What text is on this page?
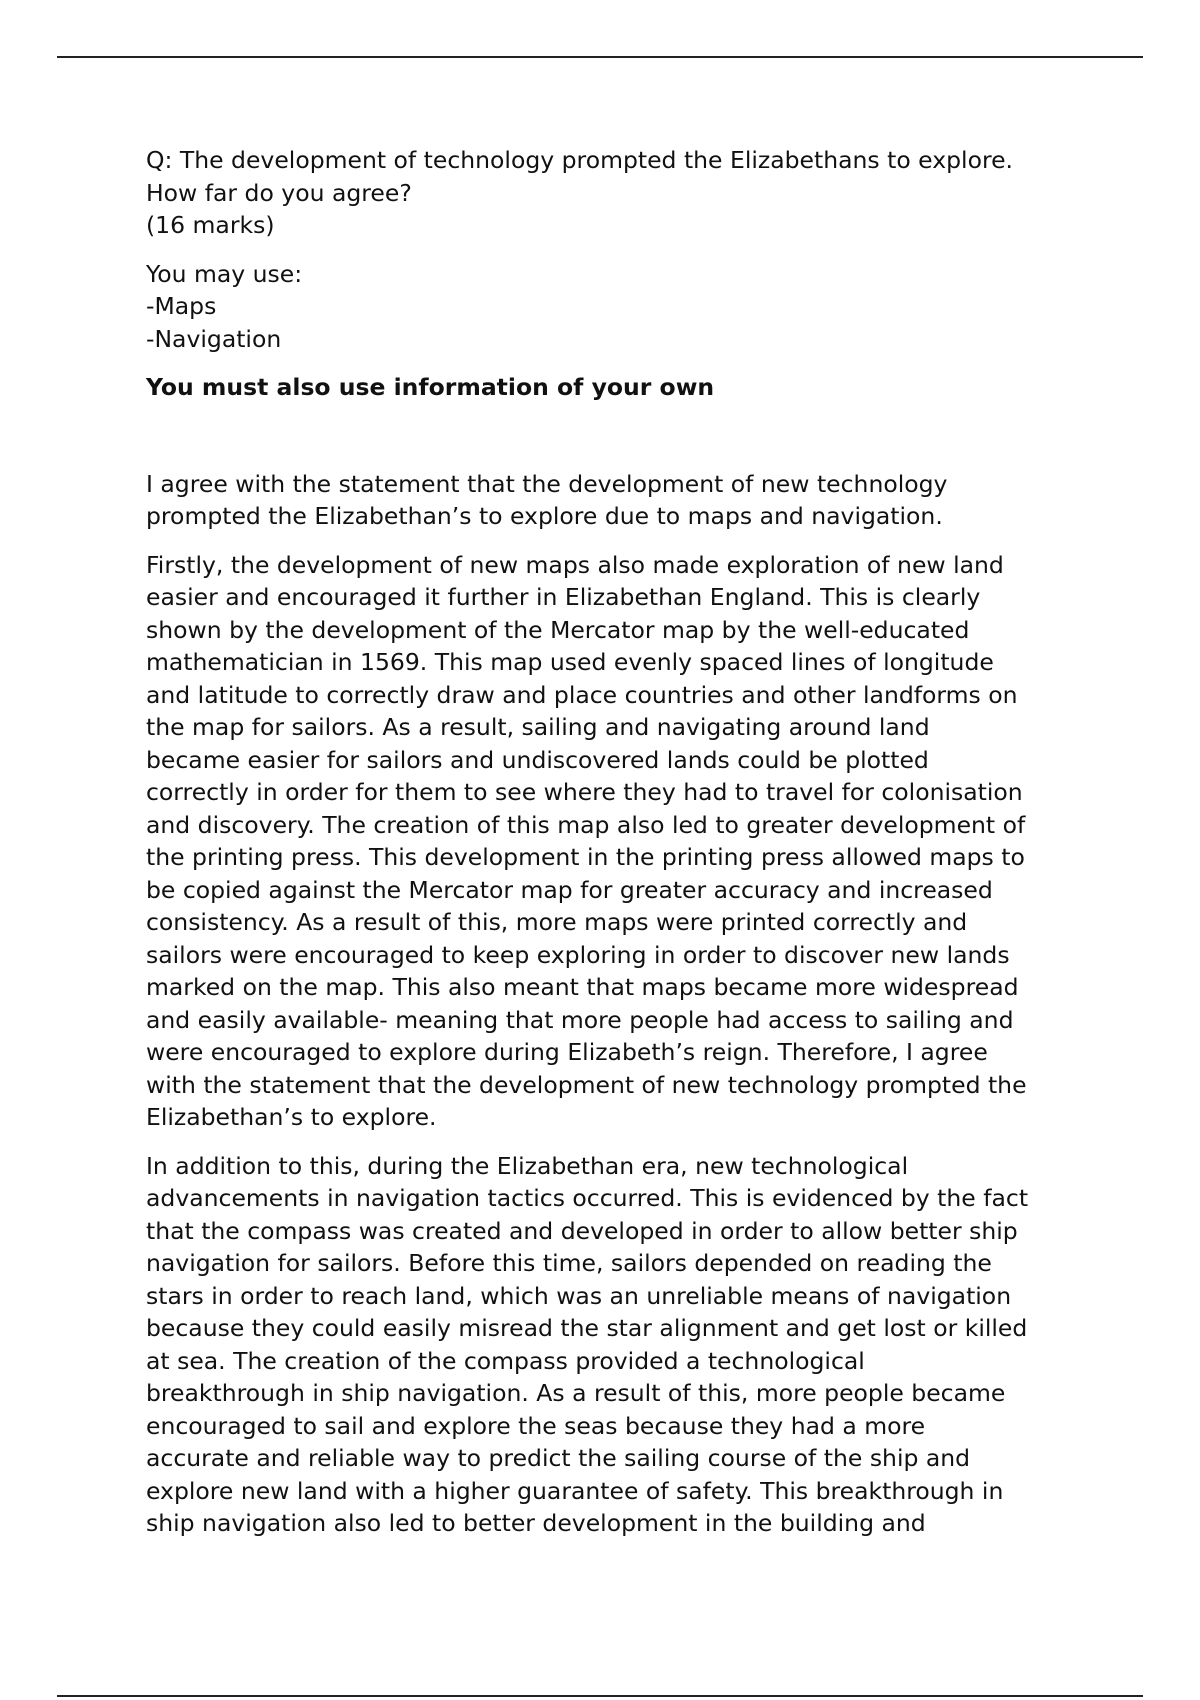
Q: The development of technology prompted the Elizabethans to explore.

How far do you agree?

(16 marks)

You may use:

-Maps

-Navigation

You must also use information of your own

I agree with the statement that the development of new technology

prompted the Elizabethan’s to explore due to maps and navigation.

Firstly, the development of new maps also made exploration of new land

easier and encouraged it further in Elizabethan England. This is clearly

shown by the development of the Mercator map by the well-educated

mathematician in 1569. This map used evenly spaced lines of longitude

and latitude to correctly draw and place countries and other landforms on

the map for sailors. As a result, sailing and navigating around land

became easier for sailors and undiscovered lands could be plotted

correctly in order for them to see where they had to travel for colonisation

and discovery. The creation of this map also led to greater development of

the printing press. This development in the printing press allowed maps to

be copied against the Mercator map for greater accuracy and increased

consistency. As a result of this, more maps were printed correctly and

sailors were encouraged to keep exploring in order to discover new lands

marked on the map. This also meant that maps became more widespread

and easily available- meaning that more people had access to sailing and

were encouraged to explore during Elizabeth’s reign. Therefore, I agree

with the statement that the development of new technology prompted the

Elizabethan’s to explore.

In addition to this, during the Elizabethan era, new technological

advancements in navigation tactics occurred. This is evidenced by the fact

that the compass was created and developed in order to allow better ship

navigation for sailors. Before this time, sailors depended on reading the

stars in order to reach land, which was an unreliable means of navigation

because they could easily misread the star alignment and get lost or killed

at sea. The creation of the compass provided a technological

breakthrough in ship navigation. As a result of this, more people became

encouraged to sail and explore the seas because they had a more

accurate and reliable way to predict the sailing course of the ship and

explore new land with a higher guarantee of safety. This breakthrough in

ship navigation also led to better development in the building and
